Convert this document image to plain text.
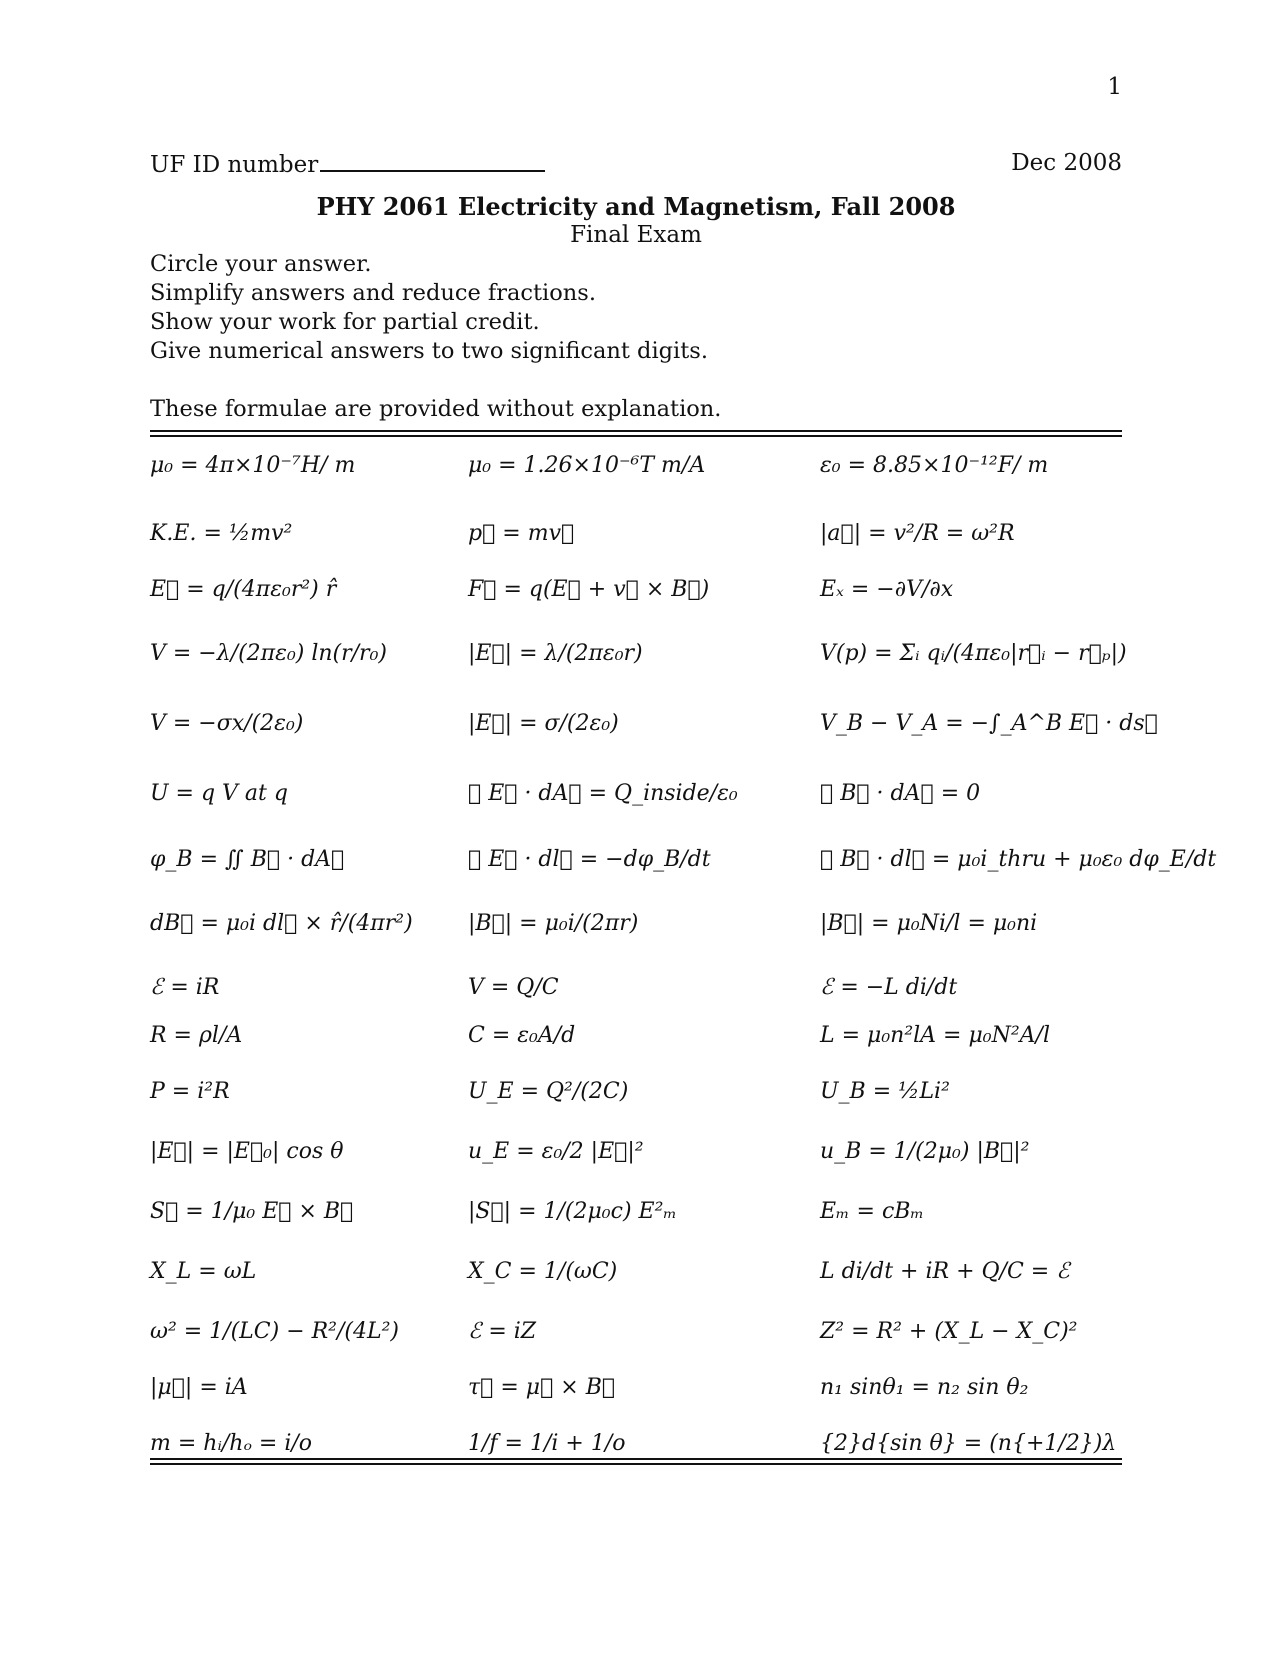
1
UF ID number	Dec 2008
PHY 2061 Electricity and Magnetism, Fall 2008
Final Exam
Circle your answer.
Simplify answers and reduce fractions.
Show your work for partial credit.
Give numerical answers to two significant digits.
These formulae are provided without explanation.
μ₀ = 4π×10⁻⁷H/ m	μ₀ = 1.26×10⁻⁶T m/A	ε₀ = 8.85×10⁻¹²F/ m
K.E. = ½mv²	p⃗ = mv⃗	|a⃗| = v²/R = ω²R
E⃗ = q/(4πε₀r²) r̂	F⃗ = q(E⃗ + v⃗ × B⃗)	Eₓ = −∂V/∂x
V = −λ/(2πε₀) ln(r/r₀)	|E⃗| = λ/(2πε₀r)	V(p) = Σᵢ qᵢ/(4πε₀|r⃗ᵢ − r⃗ₚ|)
V = −σx/(2ε₀)	|E⃗| = σ/(2ε₀)	V_B − V_A = −∫_A^B E⃗ · ds⃗
U = q V at q	∯ E⃗ · dA⃗ = Q_inside/ε₀	∯ B⃗ · dA⃗ = 0
φ_B = ∬ B⃗ · dA⃗	∮ E⃗ · dl⃗ = −dφ_B/dt	∮ B⃗ · dl⃗ = μ₀i_thru + μ₀ε₀ dφ_E/dt
dB⃗ = μ₀i dl⃗ × r̂/(4πr²)	|B⃗| = μ₀i/(2πr)	|B⃗| = μ₀Ni/l = μ₀ni
ℰ = iR	V = Q/C	ℰ = −L di/dt
R = ρl/A	C = ε₀A/d	L = μ₀n²lA = μ₀N²A/l
P = i²R	U_E = Q²/(2C)	U_B = ½Li²
|E⃗| = |E⃗₀| cos θ	u_E = ε₀/2 |E⃗|²	u_B = 1/(2μ₀) |B⃗|²
S⃗ = 1/μ₀ E⃗ × B⃗	|S⃗| = 1/(2μ₀c) E²ₘ	Eₘ = cBₘ
X_L = ωL	X_C = 1/(ωC)	L di/dt + iR + Q/C = ℰ
ω² = 1/(LC) − R²/(4L²)	ℰ = iZ	Z² = R² + (X_L − X_C)²
|μ⃗| = iA	τ⃗ = μ⃗ × B⃗	n₁ sinθ₁ = n₂ sin θ₂
m = hᵢ/hₒ = i/o	1/f = 1/i + 1/o	{2}d{sin θ} = (n{+1/2})λ
